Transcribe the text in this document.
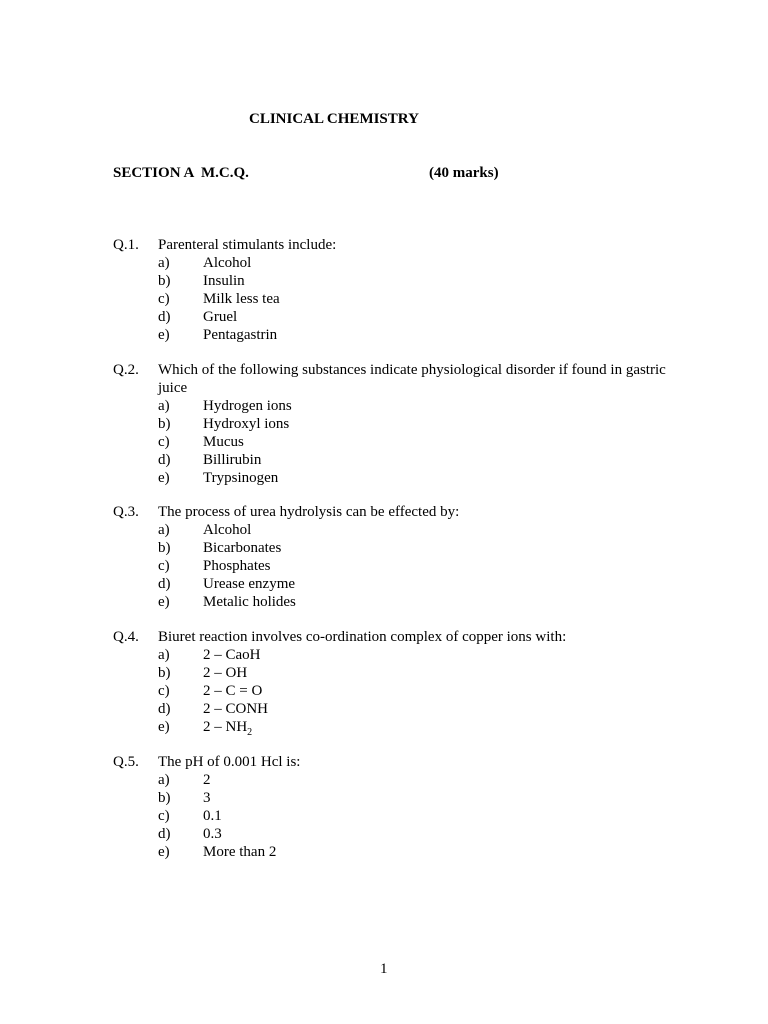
CLINICAL CHEMISTRY
SECTION A  M.C.Q.	(40 marks)
Q.1.	Parenteral stimulants include:
a)	Alcohol
b)	Insulin
c)	Milk less tea
d)	Gruel
e)	Pentagastrin
Q.2.	Which of the following substances indicate physiological disorder if found in gastric juice
a)	Hydrogen ions
b)	Hydroxyl ions
c)	Mucus
d)	Billirubin
e)	Trypsinogen
Q.3.	The process of urea hydrolysis can be effected by:
a)	Alcohol
b)	Bicarbonates
c)	Phosphates
d)	Urease enzyme
e)	Metalic holides
Q.4.	Biuret reaction involves co-ordination complex of copper ions with:
a)	2 – CaoH
b)	2 – OH
c)	2 – C = O
d)	2 – CONH
e)	$2 - NH_2$
Q.5.	The pH of 0.001 Hcl is:
a)	2
b)	3
c)	0.1
d)	0.3
e)	More than 2
1
